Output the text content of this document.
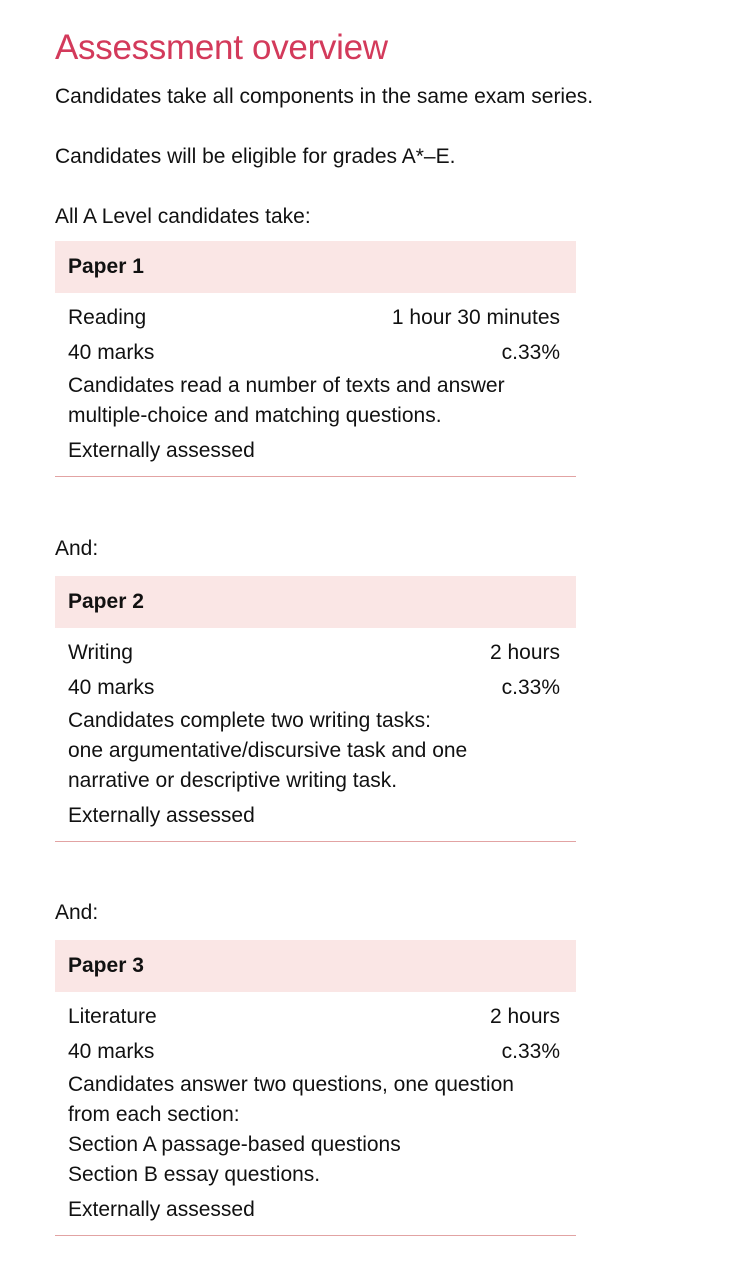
Assessment overview

Candidates take all components in the same exam series.

Candidates will be eligible for grades A*–E.

All A Level candidates take:

Paper 1
Reading	1 hour 30 minutes
40 marks	c.33%
Candidates read a number of texts and answer
multiple-choice and matching questions.
Externally assessed

And:

Paper 2
Writing	2 hours
40 marks	c.33%
Candidates complete two writing tasks:
one argumentative/discursive task and one
narrative or descriptive writing task.
Externally assessed

And:

Paper 3
Literature	2 hours
40 marks	c.33%
Candidates answer two questions, one question
from each section:
Section A passage-based questions
Section B essay questions.
Externally assessed
